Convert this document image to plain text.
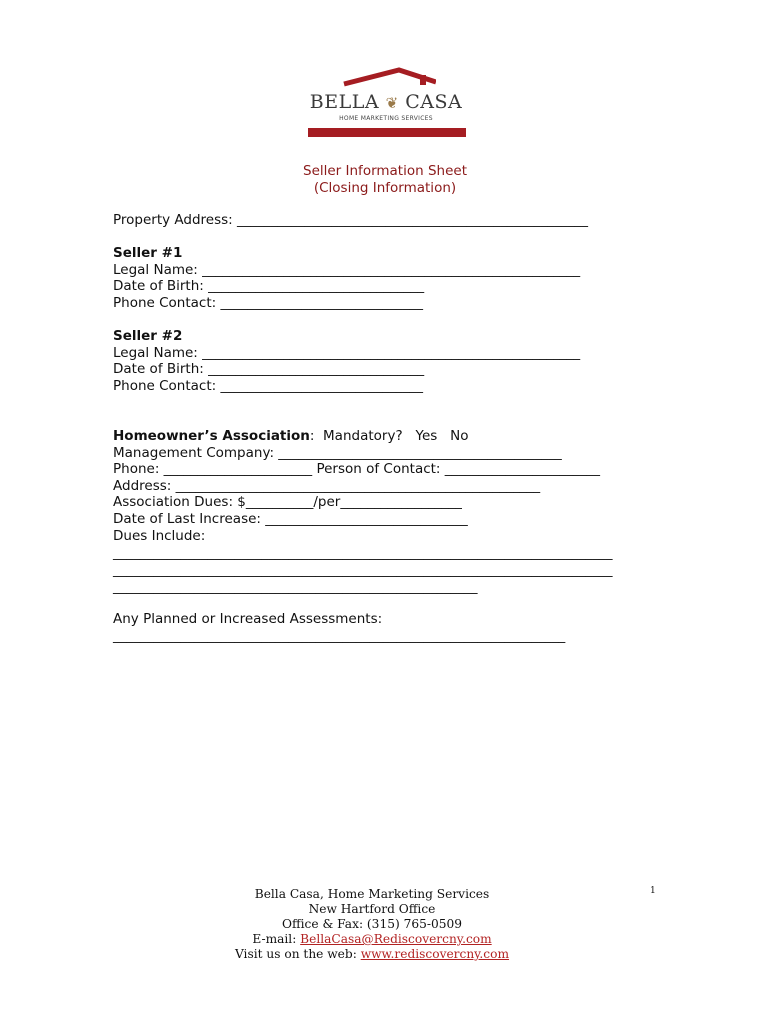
BELLA ❦ CASA
HOME MARKETING SERVICES
Seller Information Sheet
(Closing Information)
Property Address: ____________________________________________________
Seller #1
Legal Name: ________________________________________________________
Date of Birth: ________________________________
Phone Contact: ______________________________
Seller #2
Legal Name: ________________________________________________________
Date of Birth: ________________________________
Phone Contact: ______________________________
Homeowner’s Association:  Mandatory?   Yes   No
Management Company: __________________________________________
Phone: ______________________ Person of Contact: _______________________
Address: ______________________________________________________
Association Dues: $__________/per__________________
Date of Last Increase: ______________________________
Dues Include:
__________________________________________________________________________
__________________________________________________________________________
______________________________________________________
Any Planned or Increased Assessments:
___________________________________________________________________
Bella Casa, Home Marketing Services
New Hartford Office
Office & Fax: (315) 765-0509
E-mail: BellaCasa@Rediscovercny.com
Visit us on the web: www.rediscovercny.com
1
